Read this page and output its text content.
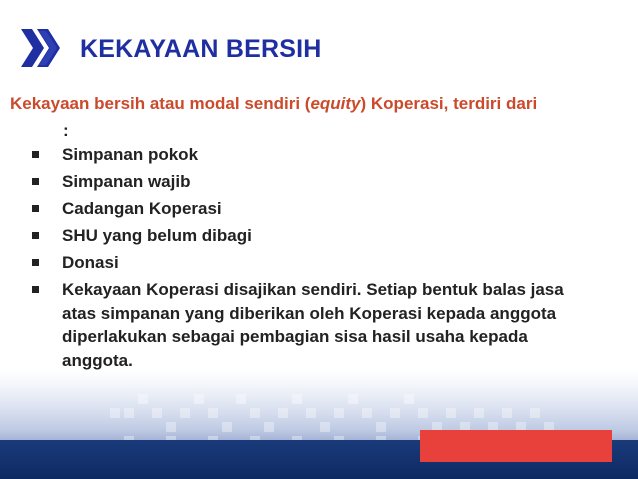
KEKAYAAN BERSIH
Kekayaan bersih atau modal sendiri (equity) Koperasi, terdiri dari
:
Simpanan pokok
Simpanan wajib
Cadangan Koperasi
SHU yang belum dibagi
Donasi
Kekayaan Koperasi disajikan sendiri. Setiap bentuk balas jasa atas simpanan yang diberikan oleh Koperasi kepada anggota diperlakukan sebagai pembagian sisa hasil usaha kepada anggota.
